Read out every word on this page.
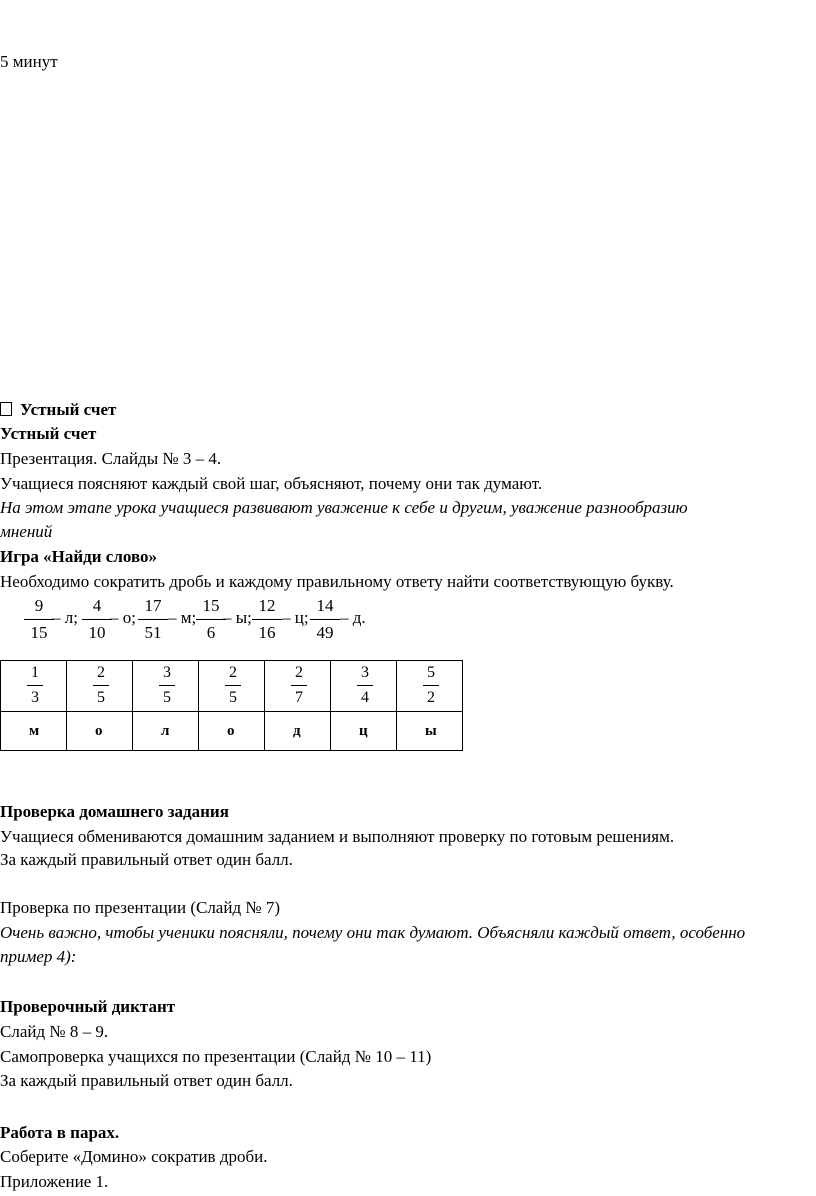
5 минут
Устный счет
Устный счет
Презентация. Слайды № 3 – 4.
Учащиеся поясняют каждый свой шаг, объясняют, почему они так думают.
На этом этапе урока учащиеся развивают уважение к себе и другим, уважение разнообразию
мнений
Игра «Найди слово»
Необходимо сократить дробь и каждому правильному ответу найти соответствующую букву.
9
15
– л;
4
10
– о;
17
51
– м;
15
6
– ы;
12
16
– ц;
14
49
– д.
$\frac{1}{3}$	$\frac{2}{5}$	$\frac{3}{5}$	$\frac{2}{5}$	$\frac{2}{7}$	$\frac{3}{4}$	$\frac{5}{2}$

м	о	л	о	д	ц	ы
Проверка домашнего задания
Учащиеся обмениваются домашним заданием и выполняют проверку по готовым решениям.
За каждый правильный ответ один балл.
Проверка по презентации (Слайд № 7)
Очень важно, чтобы ученики поясняли, почему они так думают. Объясняли каждый ответ, особенно
пример 4):
Проверочный диктант
Слайд № 8 – 9.
Самопроверка учащихся по презентации (Слайд № 10 – 11)
За каждый правильный ответ один балл.
Работа в парах.
Соберите «Домино» сократив дроби.
Приложение 1.
